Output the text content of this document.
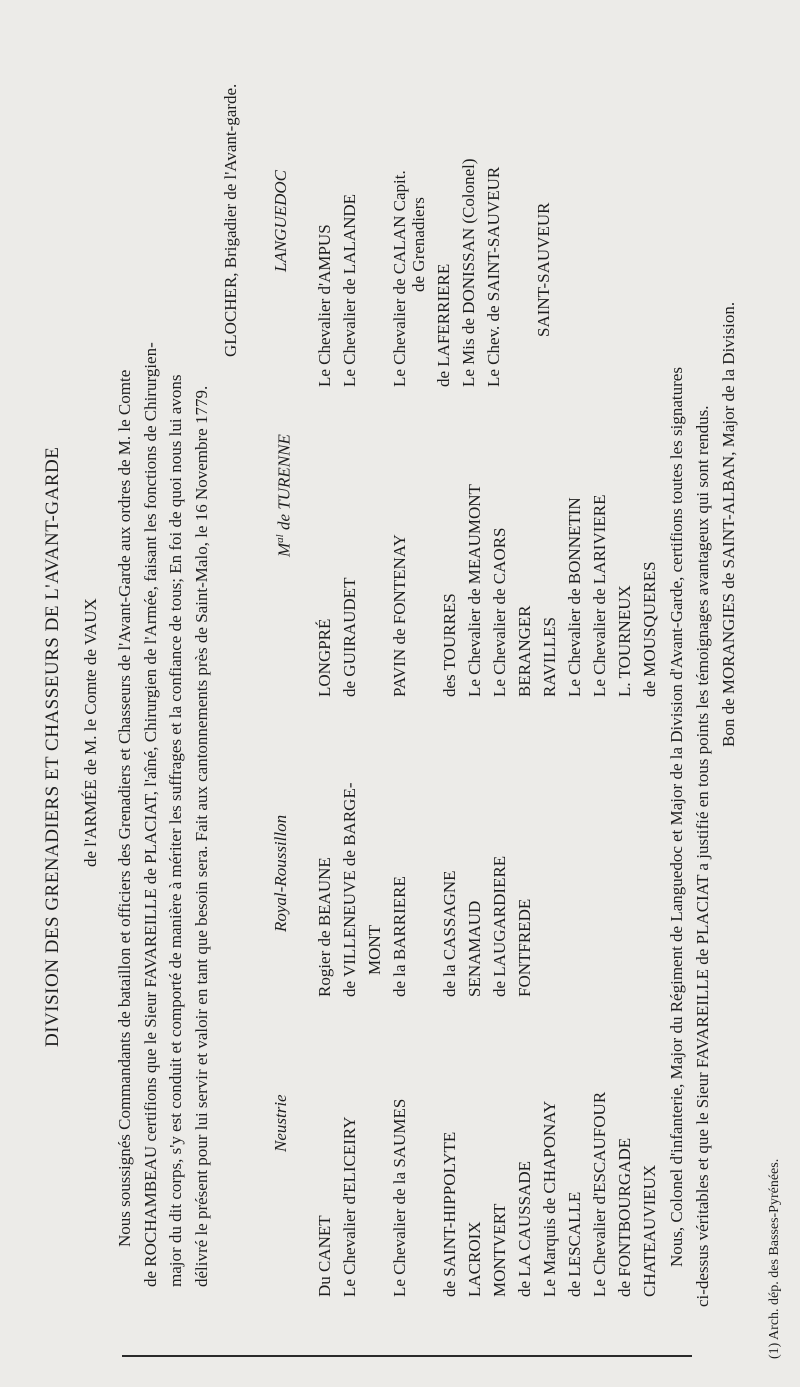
DIVISION DES GRENADIERS ET CHASSEURS DE L'AVANT-GARDE de l'ARMÉE de M. le Comte de VAUX Nous soussignés Commandants de bataillon et officiers des Grenadiers et Chasseurs de l'Avant-Garde aux ordres de M. le Comte de ROCHAMBEAU certifions que le Sieur FAVAREILLE de PLACIAT, l'aîné, Chirurgien de l'Armée, faisant les fonctions de Chirurgien- major du dit corps, s'y est conduit et comporté de manière à mériter les suffrages et la confiance de tous; En foi de quoi nous lui avons délivré le présent pour lui servir et valoir en tant que besoin sera. Fait aux cantonnements près de Saint-Malo, le 16 Novembre 1779.

GLOCHER, Brigadier de l'Avant-garde.
Neustrie
Royal-Roussillon
$M^{al}$ de TURENNE
LANGUEDOC
Du CANET Le Chevalier d'ELICEIRY Le Chevalier de la SAUMES de SAINT-HIPPOLYTE LACROIX MONTVERT de LA CAUSSADE Le Marquis de CHAPONAY de LESCALLE Le Chevalier d'ESCAUFOUR de FONTBOURGADE CHATEAUVIEUX
Rogier de BEAUNE de VILLENEUVE de BARGE- MONT de la BARRIERE de la CASSAGNE SENAMAUD de LAUGARDIERE FONTFREDE
LONGPRÉ de GUIRAUDET PAVIN de FONTENAY des TOURRES Le Chevalier de MEAUMONT Le Chevalier de CAORS BERANGER RAVILLES Le Chevalier de BONNETIN Le Chevalier de LARIVIERE L. TOURNEUX de MOUSQUERES
Le Chevalier d'AMPUS Le Chevalier de LALANDE Le Chevalier de CALAN Capit. de Grenadiers
de LAFERRIERE Le Mis de DONISSAN (Colonel) Le Chev. de SAINT-SAUVEUR SAINT-SAUVEUR

Nous, Colonel d'infanterie, Major du Régiment de Languedoc et Major de la Division d'Avant-Garde, certifions toutes les signatures ci-dessus véritables et que le Sieur FAVAREILLE de PLACIAT a justifié en tous points les témoignages avantageux qui sont rendus. Bon de MORANGIES de SAINT-ALBAN, Major de la Division.
(1) Arch. dép. des Basses-Pyrénées.
